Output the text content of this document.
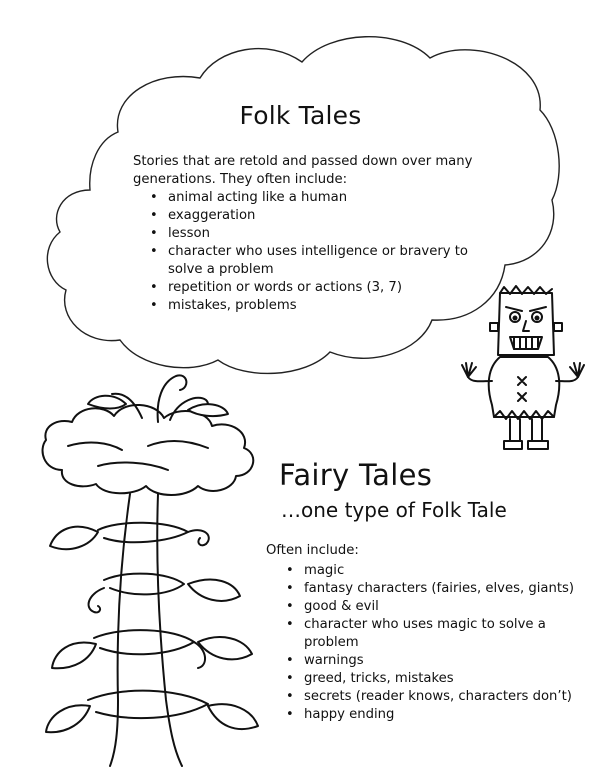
Folk Tales

Stories that are retold and passed down over many generations. They often include:

• animal acting like a human
• exaggeration
• lesson
• character who uses intelligence or bravery to solve a problem
• repetition or words or actions (3, 7)
• mistakes, problems
Fairy Tales

…one type of Folk Tale

Often include:

• magic
• fantasy characters (fairies, elves, giants)
• good & evil
• character who uses magic to solve a problem
• warnings
• greed, tricks, mistakes
• secrets (reader knows, characters don’t)
• happy ending
